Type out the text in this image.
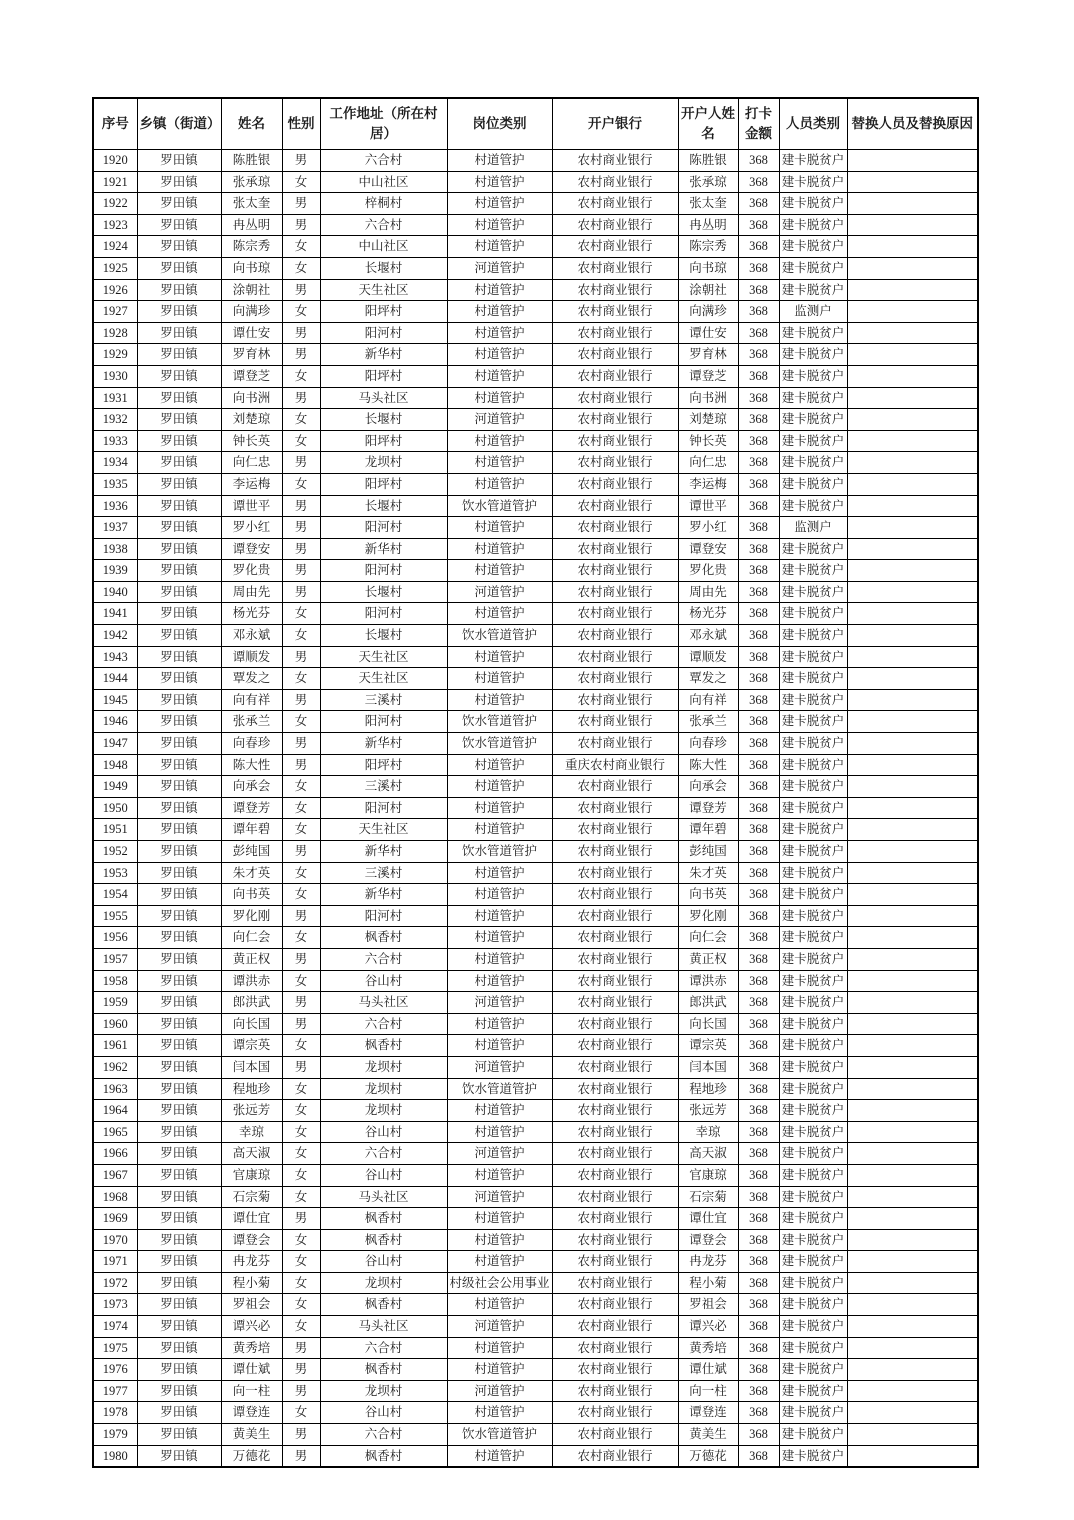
序号	乡镇（街道）	姓名	性别	工作地址（所在村居）	岗位类别	开户银行	开户人姓名	打卡金额	人员类别	替换人员及替换原因
1920	罗田镇	陈胜银	男	六合村	村道管护	农村商业银行	陈胜银	368	建卡脱贫户	
1921	罗田镇	张承琼	女	中山社区	村道管护	农村商业银行	张承琼	368	建卡脱贫户	
1922	罗田镇	张太奎	男	梓桐村	村道管护	农村商业银行	张太奎	368	建卡脱贫户	
1923	罗田镇	冉丛明	男	六合村	村道管护	农村商业银行	冉丛明	368	建卡脱贫户	
1924	罗田镇	陈宗秀	女	中山社区	村道管护	农村商业银行	陈宗秀	368	建卡脱贫户	
1925	罗田镇	向书琼	女	长堰村	河道管护	农村商业银行	向书琼	368	建卡脱贫户	
1926	罗田镇	涂朝社	男	天生社区	村道管护	农村商业银行	涂朝社	368	建卡脱贫户	
1927	罗田镇	向满珍	女	阳坪村	村道管护	农村商业银行	向满珍	368	监测户	
1928	罗田镇	谭仕安	男	阳河村	村道管护	农村商业银行	谭仕安	368	建卡脱贫户	
1929	罗田镇	罗育林	男	新华村	村道管护	农村商业银行	罗育林	368	建卡脱贫户	
1930	罗田镇	谭登芝	女	阳坪村	村道管护	农村商业银行	谭登芝	368	建卡脱贫户	
1931	罗田镇	向书洲	男	马头社区	村道管护	农村商业银行	向书洲	368	建卡脱贫户	
1932	罗田镇	刘楚琼	女	长堰村	河道管护	农村商业银行	刘楚琼	368	建卡脱贫户	
1933	罗田镇	钟长英	女	阳坪村	村道管护	农村商业银行	钟长英	368	建卡脱贫户	
1934	罗田镇	向仁忠	男	龙坝村	村道管护	农村商业银行	向仁忠	368	建卡脱贫户	
1935	罗田镇	李运梅	女	阳坪村	村道管护	农村商业银行	李运梅	368	建卡脱贫户	
1936	罗田镇	谭世平	男	长堰村	饮水管道管护	农村商业银行	谭世平	368	建卡脱贫户	
1937	罗田镇	罗小红	男	阳河村	村道管护	农村商业银行	罗小红	368	监测户	
1938	罗田镇	谭登安	男	新华村	村道管护	农村商业银行	谭登安	368	建卡脱贫户	
1939	罗田镇	罗化贵	男	阳河村	村道管护	农村商业银行	罗化贵	368	建卡脱贫户	
1940	罗田镇	周由先	男	长堰村	河道管护	农村商业银行	周由先	368	建卡脱贫户	
1941	罗田镇	杨光芬	女	阳河村	村道管护	农村商业银行	杨光芬	368	建卡脱贫户	
1942	罗田镇	邓永斌	女	长堰村	饮水管道管护	农村商业银行	邓永斌	368	建卡脱贫户	
1943	罗田镇	谭顺发	男	天生社区	村道管护	农村商业银行	谭顺发	368	建卡脱贫户	
1944	罗田镇	覃发之	女	天生社区	村道管护	农村商业银行	覃发之	368	建卡脱贫户	
1945	罗田镇	向有祥	男	三溪村	村道管护	农村商业银行	向有祥	368	建卡脱贫户	
1946	罗田镇	张承兰	女	阳河村	饮水管道管护	农村商业银行	张承兰	368	建卡脱贫户	
1947	罗田镇	向春珍	男	新华村	饮水管道管护	农村商业银行	向春珍	368	建卡脱贫户	
1948	罗田镇	陈大性	男	阳坪村	村道管护	重庆农村商业银行	陈大性	368	建卡脱贫户	
1949	罗田镇	向承会	女	三溪村	村道管护	农村商业银行	向承会	368	建卡脱贫户	
1950	罗田镇	谭登芳	女	阳河村	村道管护	农村商业银行	谭登芳	368	建卡脱贫户	
1951	罗田镇	谭年碧	女	天生社区	村道管护	农村商业银行	谭年碧	368	建卡脱贫户	
1952	罗田镇	彭纯国	男	新华村	饮水管道管护	农村商业银行	彭纯国	368	建卡脱贫户	
1953	罗田镇	朱才英	女	三溪村	村道管护	农村商业银行	朱才英	368	建卡脱贫户	
1954	罗田镇	向书英	女	新华村	村道管护	农村商业银行	向书英	368	建卡脱贫户	
1955	罗田镇	罗化刚	男	阳河村	村道管护	农村商业银行	罗化刚	368	建卡脱贫户	
1956	罗田镇	向仁会	女	枫香村	村道管护	农村商业银行	向仁会	368	建卡脱贫户	
1957	罗田镇	黄正权	男	六合村	村道管护	农村商业银行	黄正权	368	建卡脱贫户	
1958	罗田镇	谭洪赤	女	谷山村	村道管护	农村商业银行	谭洪赤	368	建卡脱贫户	
1959	罗田镇	郎洪武	男	马头社区	河道管护	农村商业银行	郎洪武	368	建卡脱贫户	
1960	罗田镇	向长国	男	六合村	村道管护	农村商业银行	向长国	368	建卡脱贫户	
1961	罗田镇	谭宗英	女	枫香村	村道管护	农村商业银行	谭宗英	368	建卡脱贫户	
1962	罗田镇	闫本国	男	龙坝村	河道管护	农村商业银行	闫本国	368	建卡脱贫户	
1963	罗田镇	程地珍	女	龙坝村	饮水管道管护	农村商业银行	程地珍	368	建卡脱贫户	
1964	罗田镇	张远芳	女	龙坝村	村道管护	农村商业银行	张远芳	368	建卡脱贫户	
1965	罗田镇	幸琼	女	谷山村	村道管护	农村商业银行	幸琼	368	建卡脱贫户	
1966	罗田镇	高天淑	女	六合村	河道管护	农村商业银行	高天淑	368	建卡脱贫户	
1967	罗田镇	官康琼	女	谷山村	村道管护	农村商业银行	官康琼	368	建卡脱贫户	
1968	罗田镇	石宗菊	女	马头社区	河道管护	农村商业银行	石宗菊	368	建卡脱贫户	
1969	罗田镇	谭仕宜	男	枫香村	村道管护	农村商业银行	谭仕宜	368	建卡脱贫户	
1970	罗田镇	谭登会	女	枫香村	村道管护	农村商业银行	谭登会	368	建卡脱贫户	
1971	罗田镇	冉龙芬	女	谷山村	村道管护	农村商业银行	冉龙芬	368	建卡脱贫户	
1972	罗田镇	程小菊	女	龙坝村	村级社会公用事业	农村商业银行	程小菊	368	建卡脱贫户	
1973	罗田镇	罗祖会	女	枫香村	村道管护	农村商业银行	罗祖会	368	建卡脱贫户	
1974	罗田镇	谭兴必	女	马头社区	河道管护	农村商业银行	谭兴必	368	建卡脱贫户	
1975	罗田镇	黄秀培	男	六合村	村道管护	农村商业银行	黄秀培	368	建卡脱贫户	
1976	罗田镇	谭仕斌	男	枫香村	村道管护	农村商业银行	谭仕斌	368	建卡脱贫户	
1977	罗田镇	向一柱	男	龙坝村	河道管护	农村商业银行	向一柱	368	建卡脱贫户	
1978	罗田镇	谭登连	女	谷山村	村道管护	农村商业银行	谭登连	368	建卡脱贫户	
1979	罗田镇	黄美生	男	六合村	饮水管道管护	农村商业银行	黄美生	368	建卡脱贫户	
1980	罗田镇	万德花	男	枫香村	村道管护	农村商业银行	万德花	368	建卡脱贫户	
